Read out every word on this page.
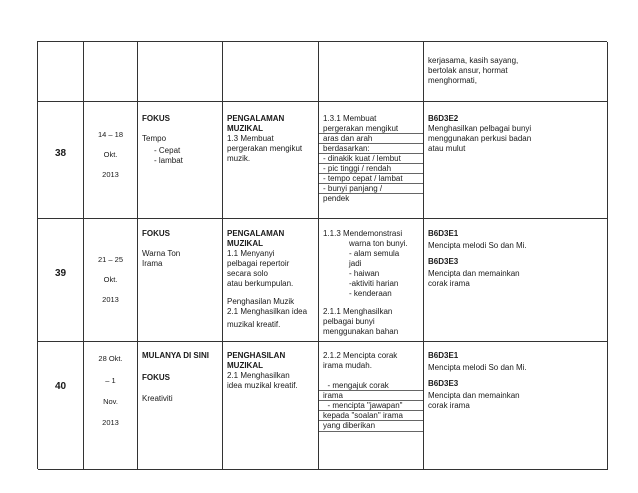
kerjasama, kasih sayang,
bertolak ansur, hormat
menghormati,
38
14 – 18
Okt.
2013
FOKUS
Tempo
- Cepat
- lambat
PENGALAMAN
MUZIKAL
1.3 Membuat
pergerakan mengikut
muzik.
1.3.1 Membuat
pergerakan mengikut
aras dan arah
berdasarkan:
- dinakik kuat / lembut
- pic tinggi / rendah
- tempo cepat / lambat
- bunyi panjang /
pendek
B6D3E2
Menghasilkan pelbagai bunyi
menggunakan perkusi badan
atau mulut
39
21 – 25
Okt.
2013
FOKUS
Warna Ton
Irama
PENGALAMAN
MUZIKAL
1.1 Menyanyi
pelbagai repertoir
secara solo
atau berkumpulan.
Penghasilan Muzik
2.1 Menghasilkan idea
muzikal kreatif.
1.1.3 Mendemonstrasi
warna ton bunyi.
- alam semula
jadi
- haiwan
-aktiviti harian
- kenderaan
2.1.1 Menghasilkan
pelbagai bunyi
menggunakan bahan
B6D3E1
Mencipta melodi So dan Mi.
B6D3E3
Mencipta dan memainkan
corak irama
40
28 Okt.
– 1
Nov.
2013
MULANYA DI SINI
FOKUS
Kreativiti
PENGHASILAN
MUZIKAL
2.1 Menghasilkan
idea muzikal kreatif.
2.1.2 Mencipta corak
irama mudah.
- mengajuk corak
irama
- mencipta "jawapan"
kepada "soalan" irama
yang diberikan
B6D3E1
Mencipta melodi So dan Mi.
B6D3E3
Mencipta dan memainkan
corak irama
